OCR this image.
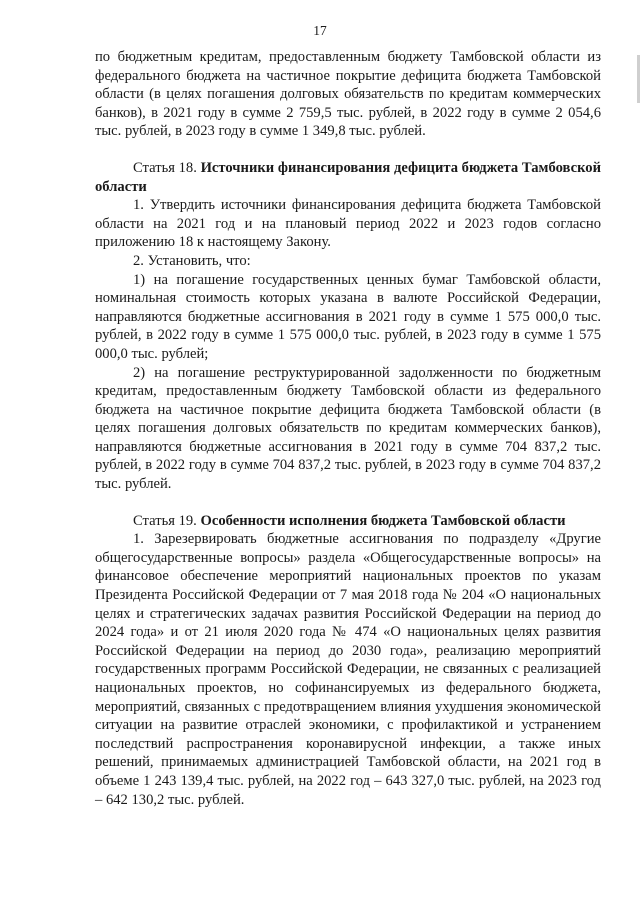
17

по бюджетным кредитам, предоставленным бюджету Тамбовской области из федерального бюджета на частичное покрытие дефицита бюджета Тамбовской области (в целях погашения долговых обязательств по кредитам коммерческих банков), в 2021 году в сумме 2 759,5 тыс. рублей, в 2022 году в сумме 2 054,6 тыс. рублей, в 2023 году в сумме 1 349,8 тыс. рублей.

Статья 18. Источники финансирования дефицита бюджета Тамбовской области

1. Утвердить источники финансирования дефицита бюджета Тамбовской области на 2021 год и на плановый период 2022 и 2023 годов согласно приложению 18 к настоящему Закону.

2. Установить, что:

1) на погашение государственных ценных бумаг Тамбовской области, номинальная стоимость которых указана в валюте Российской Федерации, направляются бюджетные ассигнования в 2021 году в сумме 1 575 000,0 тыс. рублей, в 2022 году в сумме 1 575 000,0 тыс. рублей, в 2023 году в сумме 1 575 000,0 тыс. рублей;

2) на погашение реструктурированной задолженности по бюджетным кредитам, предоставленным бюджету Тамбовской области из федерального бюджета на частичное покрытие дефицита бюджета Тамбовской области (в целях погашения долговых обязательств по кредитам коммерческих банков), направляются бюджетные ассигнования в 2021 году в сумме 704 837,2 тыс. рублей, в 2022 году в сумме 704 837,2 тыс. рублей, в 2023 году в сумме 704 837,2 тыс. рублей.

Статья 19. Особенности исполнения бюджета Тамбовской области

1. Зарезервировать бюджетные ассигнования по подразделу «Другие общегосударственные вопросы» раздела «Общегосударственные вопросы» на финансовое обеспечение мероприятий национальных проектов по указам Президента Российской Федерации от 7 мая 2018 года № 204 «О национальных целях и стратегических задачах развития Российской Федерации на период до 2024 года» и от 21 июля 2020 года № 474 «О национальных целях развития Российской Федерации на период до 2030 года», реализацию мероприятий государственных программ Российской Федерации, не связанных с реализацией национальных проектов, но софинансируемых из федерального бюджета, мероприятий, связанных с предотвращением влияния ухудшения экономической ситуации на развитие отраслей экономики, с профилактикой и устранением последствий распространения коронавирусной инфекции, а также иных решений, принимаемых администрацией Тамбовской области, на 2021 год в объеме 1 243 139,4 тыс. рублей, на 2022 год – 643 327,0 тыс. рублей, на 2023 год – 642 130,2 тыс. рублей.
